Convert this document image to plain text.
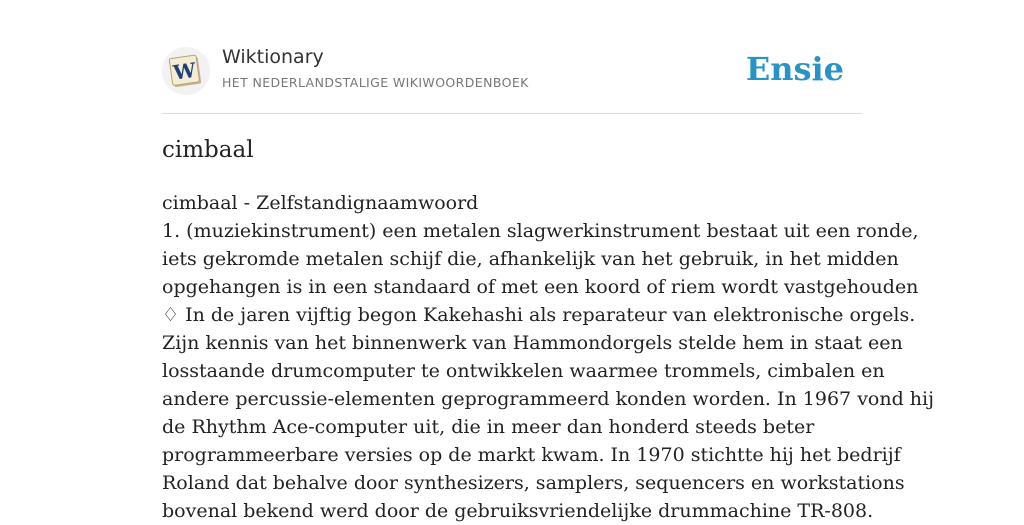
W
Wiktionary
HET NEDERLANDSTALIGE WIKIWOORDENBOEK	Ensie
cimbaal
cimbaal - Zelfstandignaamwoord
1. (muziekinstrument) een metalen slagwerkinstrument bestaat uit een ronde,
iets gekromde metalen schijf die, afhankelijk van het gebruik, in het midden
opgehangen is in een standaard of met een koord of riem wordt vastgehouden
♢ In de jaren vijftig begon Kakehashi als reparateur van elektronische orgels.
Zijn kennis van het binnenwerk van Hammondorgels stelde hem in staat een
losstaande drumcomputer te ontwikkelen waarmee trommels, cimbalen en
andere percussie-elementen geprogrammeerd konden worden. In 1967 vond hij
de Rhythm Ace-computer uit, die in meer dan honderd steeds beter
programmeerbare versies op de markt kwam. In 1970 stichtte hij het bedrijf
Roland dat behalve door synthesizers, samplers, sequencers en workstations
bovenal bekend werd door de gebruiksvriendelijke drummachine TR-808.
